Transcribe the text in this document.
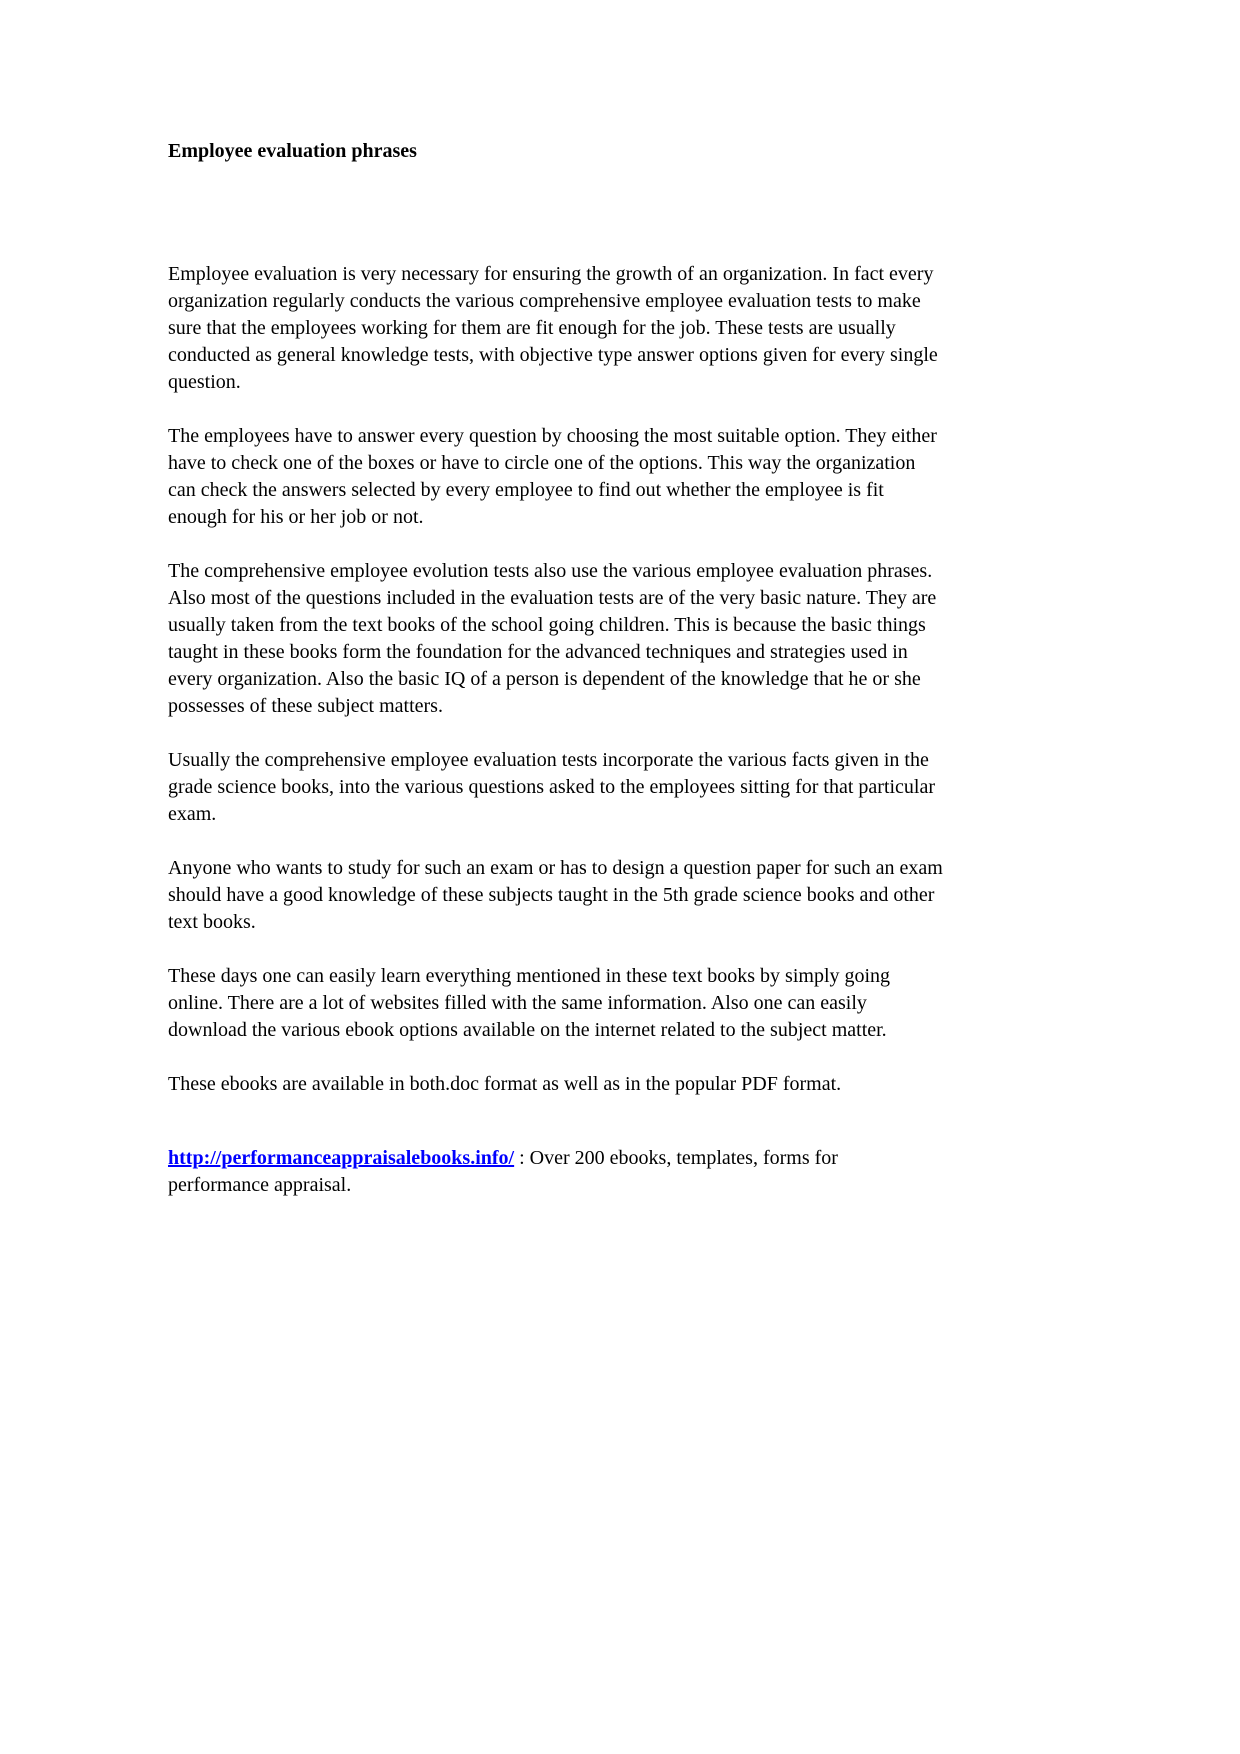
Employee evaluation phrases

Employee evaluation is very necessary for ensuring the growth of an organization. In fact every organization regularly conducts the various comprehensive employee evaluation tests to make sure that the employees working for them are fit enough for the job. These tests are usually conducted as general knowledge tests, with objective type answer options given for every single question.

The employees have to answer every question by choosing the most suitable option. They either have to check one of the boxes or have to circle one of the options. This way the organization can check the answers selected by every employee to find out whether the employee is fit enough for his or her job or not.

The comprehensive employee evolution tests also use the various employee evaluation phrases. Also most of the questions included in the evaluation tests are of the very basic nature. They are usually taken from the text books of the school going children. This is because the basic things taught in these books form the foundation for the advanced techniques and strategies used in every organization. Also the basic IQ of a person is dependent of the knowledge that he or she possesses of these subject matters.

Usually the comprehensive employee evaluation tests incorporate the various facts given in the grade science books, into the various questions asked to the employees sitting for that particular exam.

Anyone who wants to study for such an exam or has to design a question paper for such an exam should have a good knowledge of these subjects taught in the 5th grade science books and other text books.

These days one can easily learn everything mentioned in these text books by simply going online. There are a lot of websites filled with the same information. Also one can easily download the various ebook options available on the internet related to the subject matter.

These ebooks are available in both.doc format as well as in the popular PDF format.

http://performanceappraisalebooks.info/ : Over 200 ebooks, templates, forms for performance appraisal.
